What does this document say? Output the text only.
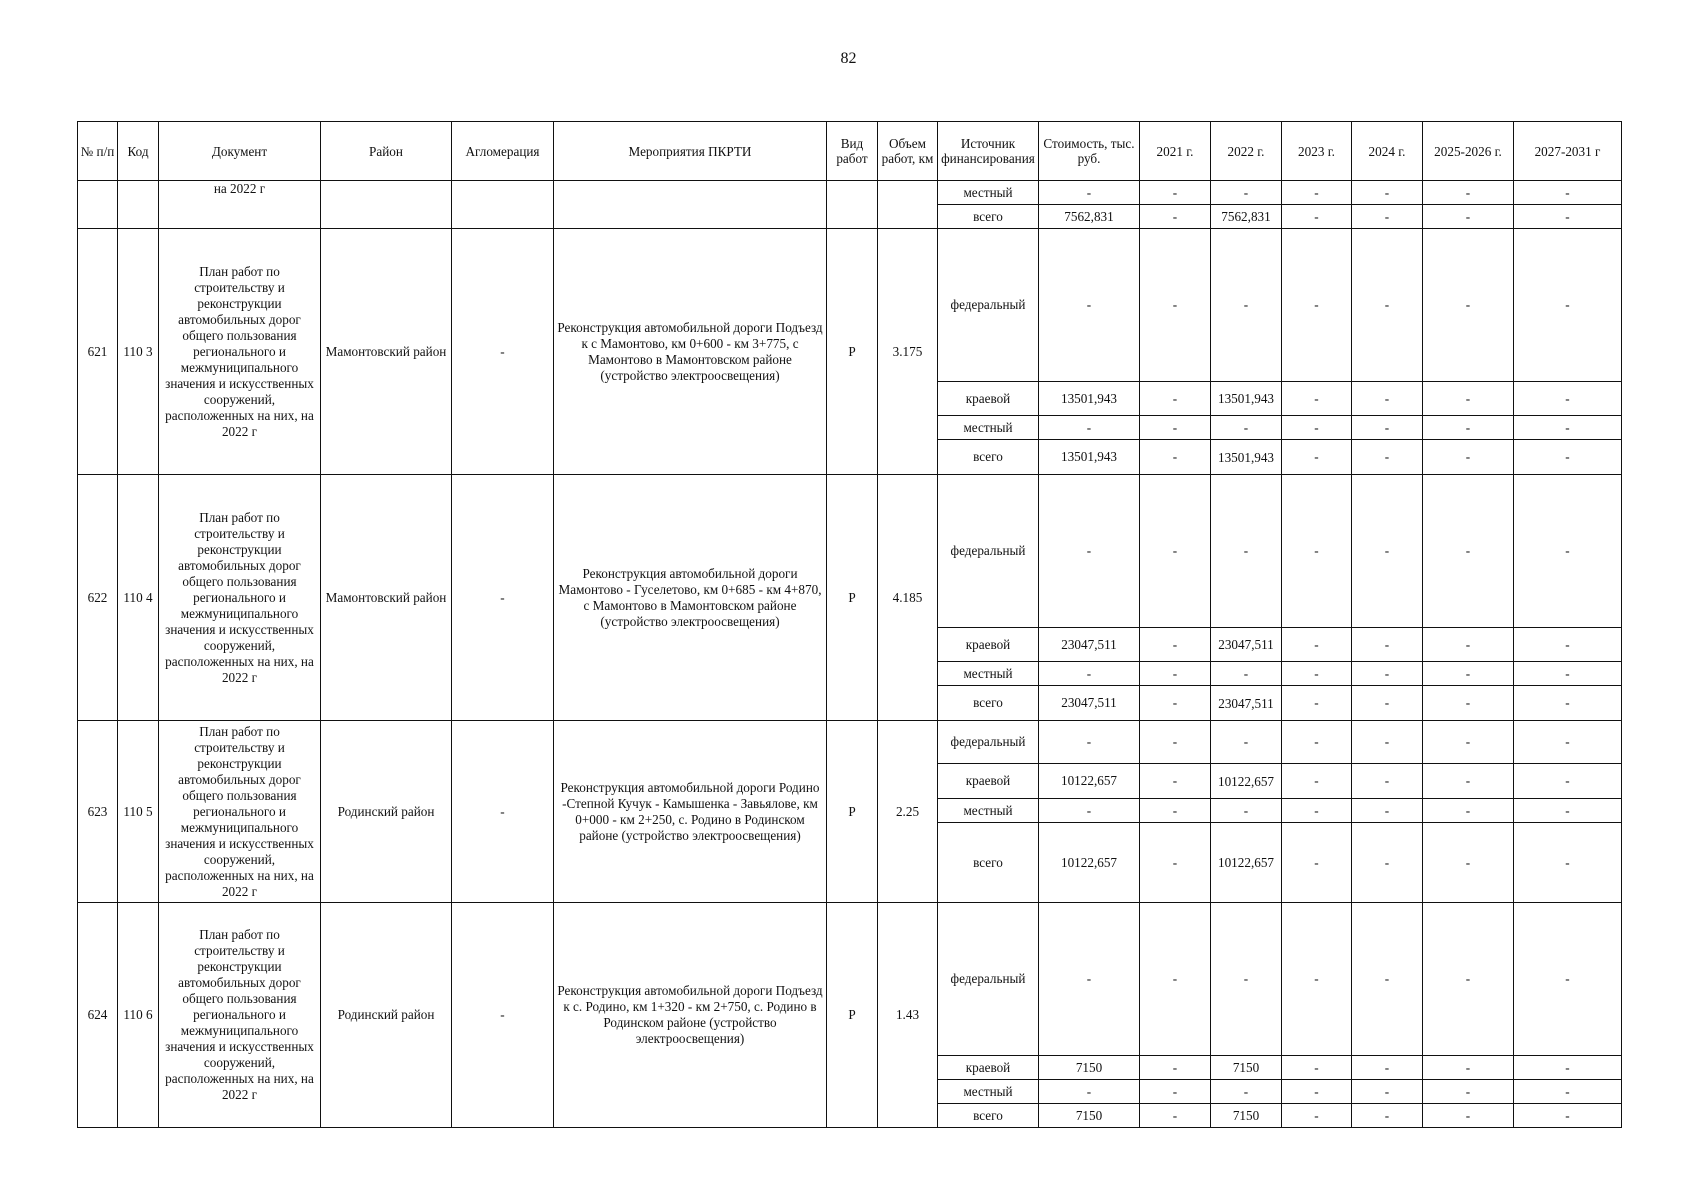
82
№ п/п	Код	Документ	Район	Агломерация	Мероприятия ПКРТИ	Вид работ	Объем работ, км	Источник финансирования	Стоимость, тыс. руб.	2021 г.	2022 г.	2023 г.	2024 г.	2025-2026 г.	2027-2031 г
		на 2022 г						местный	-	-	-	-	-	-	-
								всего	7562,831	-	7562,831	-	-	-	-
621	110 3	План работ по строительству и реконструкции автомобильных дорог общего пользования регионального и межмуниципального значения и искусственных сооружений, расположенных на них, на 2022 г	Мамонтовский район	-	Реконструкция автомобильной дороги Подъезд к с Мамонтово, км 0+600 - км 3+775, с Мамонтово в Мамонтовском районе (устройство электроосвещения)	Р	3.175	федеральный	-	-	-	-	-	-	-
								краевой	13501,943	-	13501,943	-	-	-	-
								местный	-	-	-	-	-	-	-
								всего	13501,943	-	13501,943	-	-	-	-
622	110 4	План работ по строительству и реконструкции автомобильных дорог общего пользования регионального и межмуниципального значения и искусственных сооружений, расположенных на них, на 2022 г	Мамонтовский район	-	Реконструкция автомобильной дороги Мамонтово - Гуселетово, км 0+685 - км 4+870, с Мамонтово в Мамонтовском районе (устройство электроосвещения)	Р	4.185	федеральный	-	-	-	-	-	-	-
								краевой	23047,511	-	23047,511	-	-	-	-
								местный	-	-	-	-	-	-	-
								всего	23047,511	-	23047,511	-	-	-	-
623	110 5	План работ по строительству и реконструкции автомобильных дорог общего пользования регионального и межмуниципального значения и искусственных сооружений, расположенных на них, на 2022 г	Родинский район	-	Реконструкция автомобильной дороги Родино -Степной Кучук - Камышенка - Завьялове, км 0+000 - км 2+250, с. Родино в Родинском районе (устройство электроосвещения)	Р	2.25	федеральный	-	-	-	-	-	-	-
								краевой	10122,657	-	10122,657	-	-	-	-
								местный	-	-	-	-	-	-	-
								всего	10122,657	-	10122,657	-	-	-	-
624	110 6	План работ по строительству и реконструкции автомобильных дорог общего пользования регионального и межмуниципального значения и искусственных сооружений, расположенных на них, на 2022 г	Родинский район	-	Реконструкция автомобильной дороги Подъезд к с. Родино, км 1+320 - км 2+750, с. Родино в Родинском районе (устройство электроосвещения)	Р	1.43	федеральный	-	-	-	-	-	-	-
								краевой	7150	-	7150	-	-	-	-
								местный	-	-	-	-	-	-	-
								всего	7150	-	7150	-	-	-	-
